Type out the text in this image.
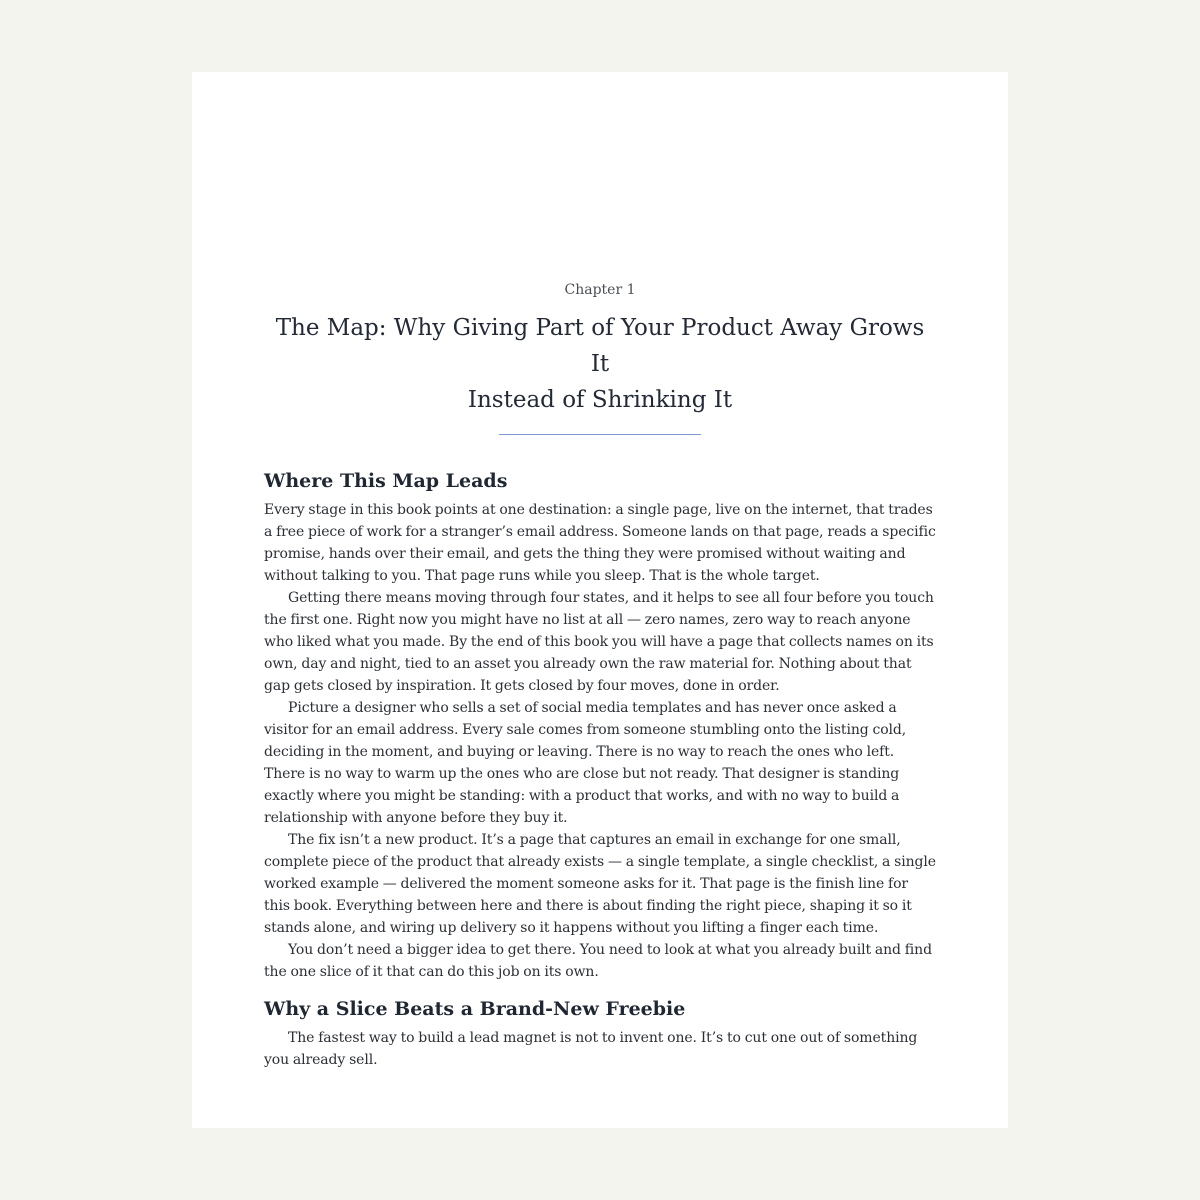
Chapter 1

The Map: Why Giving Part of Your Product Away Grows It
Instead of Shrinking It
Where This Map Leads

Every stage in this book points at one destination: a single page, live on the internet, that trades a free piece of work for a stranger’s email address. Someone lands on that page, reads a specific promise, hands over their email, and gets the thing they were promised without waiting and without talking to you. That page runs while you sleep. That is the whole target.

Getting there means moving through four states, and it helps to see all four before you touch the first one. Right now you might have no list at all — zero names, zero way to reach anyone who liked what you made. By the end of this book you will have a page that collects names on its own, day and night, tied to an asset you already own the raw material for. Nothing about that gap gets closed by inspiration. It gets closed by four moves, done in order.

Picture a designer who sells a set of social media templates and has never once asked a visitor for an email address. Every sale comes from someone stumbling onto the listing cold, deciding in the moment, and buying or leaving. There is no way to reach the ones who left. There is no way to warm up the ones who are close but not ready. That designer is standing exactly where you might be standing: with a product that works, and with no way to build a relationship with anyone before they buy it.

The fix isn’t a new product. It’s a page that captures an email in exchange for one small, complete piece of the product that already exists — a single template, a single checklist, a single worked example — delivered the moment someone asks for it. That page is the finish line for this book. Everything between here and there is about finding the right piece, shaping it so it stands alone, and wiring up delivery so it happens without you lifting a finger each time.

You don’t need a bigger idea to get there. You need to look at what you already built and find the one slice of it that can do this job on its own.

Why a Slice Beats a Brand-New Freebie

The fastest way to build a lead magnet is not to invent one. It’s to cut one out of something you already sell.
